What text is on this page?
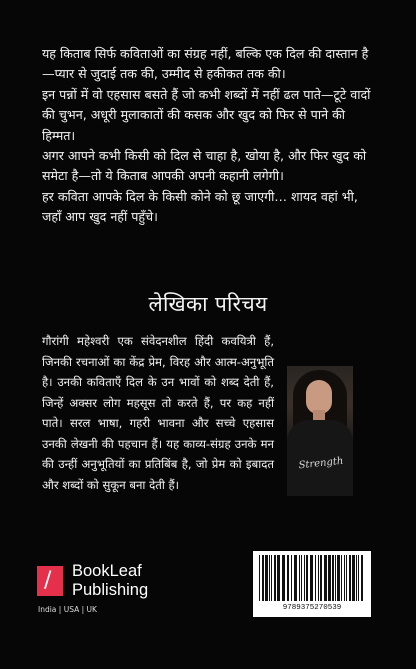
यह किताब सिर्फ कविताओं का संग्रह नहीं, बल्कि एक दिल की दास्तान है—प्यार से जुदाई तक की, उम्मीद से हकीकत तक की।

इन पन्नों में वो एहसास बसते हैं जो कभी शब्दों में नहीं ढल पाते—टूटे वादों की चुभन, अधूरी मुलाकातों की कसक और खुद को फिर से पाने की हिम्मत।

अगर आपने कभी किसी को दिल से चाहा है, खोया है, और फिर खुद को समेटा है—तो ये किताब आपकी अपनी कहानी लगेगी।

हर कविता आपके दिल के किसी कोने को छू जाएगी… शायद वहां भी, जहाँ आप खुद नहीं पहुँचे।

लेखिका परिचय

गौरांगी महेश्वरी एक संवेदनशील हिंदी कवयित्री हैं, जिनकी रचनाओं का केंद्र प्रेम, विरह और आत्म-अनुभूति है। उनकी कविताएँ दिल के उन भावों को शब्द देती हैं, जिन्हें अक्सर लोग महसूस तो करते हैं, पर कह नहीं पाते। सरल भाषा, गहरी भावना और सच्चे एहसास उनकी लेखनी की पहचान हैं। यह काव्य-संग्रह उनके मन की उन्हीं अनुभूतियों का प्रतिबिंब है, जो प्रेम को इबादत और शब्दों को सुकून बना देती हैं।

Strength
/ BookLeaf
Publishing
India | USA | UK	9789375270539
